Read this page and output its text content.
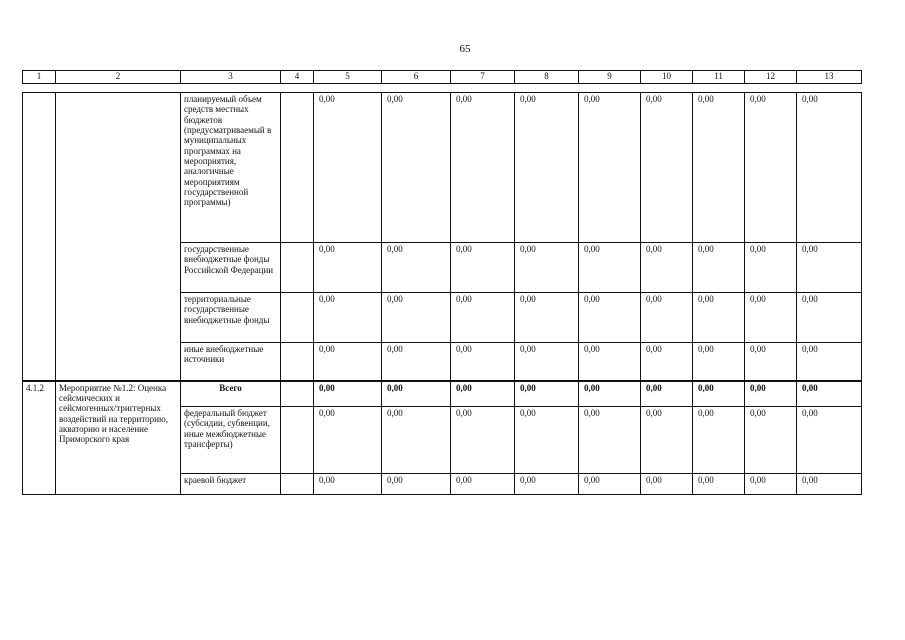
65
1	2	3	4	5	6	7	8	9	10	11	12	13
		планируемый объем средств местных бюджетов (предусматриваемый в муниципальных программах на мероприятия, аналогичные мероприятиям государственной программы)		0,00	0,00	0,00	0,00	0,00	0,00	0,00	0,00	0,00
		государственные внебюджетные фонды Российской Федерации		0,00	0,00	0,00	0,00	0,00	0,00	0,00	0,00	0,00
		территориальные государственные внебюджетные фонды		0,00	0,00	0,00	0,00	0,00	0,00	0,00	0,00	0,00
		иные внебюджетные источники		0,00	0,00	0,00	0,00	0,00	0,00	0,00	0,00	0,00
4.1.2	Мероприятие №1.2: Оценка сейсмических и сейсмогенных/триггерных воздействий на территорию, акваторию и население Приморского края	Всего		0,00	0,00	0,00	0,00	0,00	0,00	0,00	0,00	0,00
		федеральный бюджет (субсидии, субвенции, иные межбюджетные трансферты)		0,00	0,00	0,00	0,00	0,00	0,00	0,00	0,00	0,00
		краевой бюджет		0,00	0,00	0,00	0,00	0,00	0,00	0,00	0,00	0,00
